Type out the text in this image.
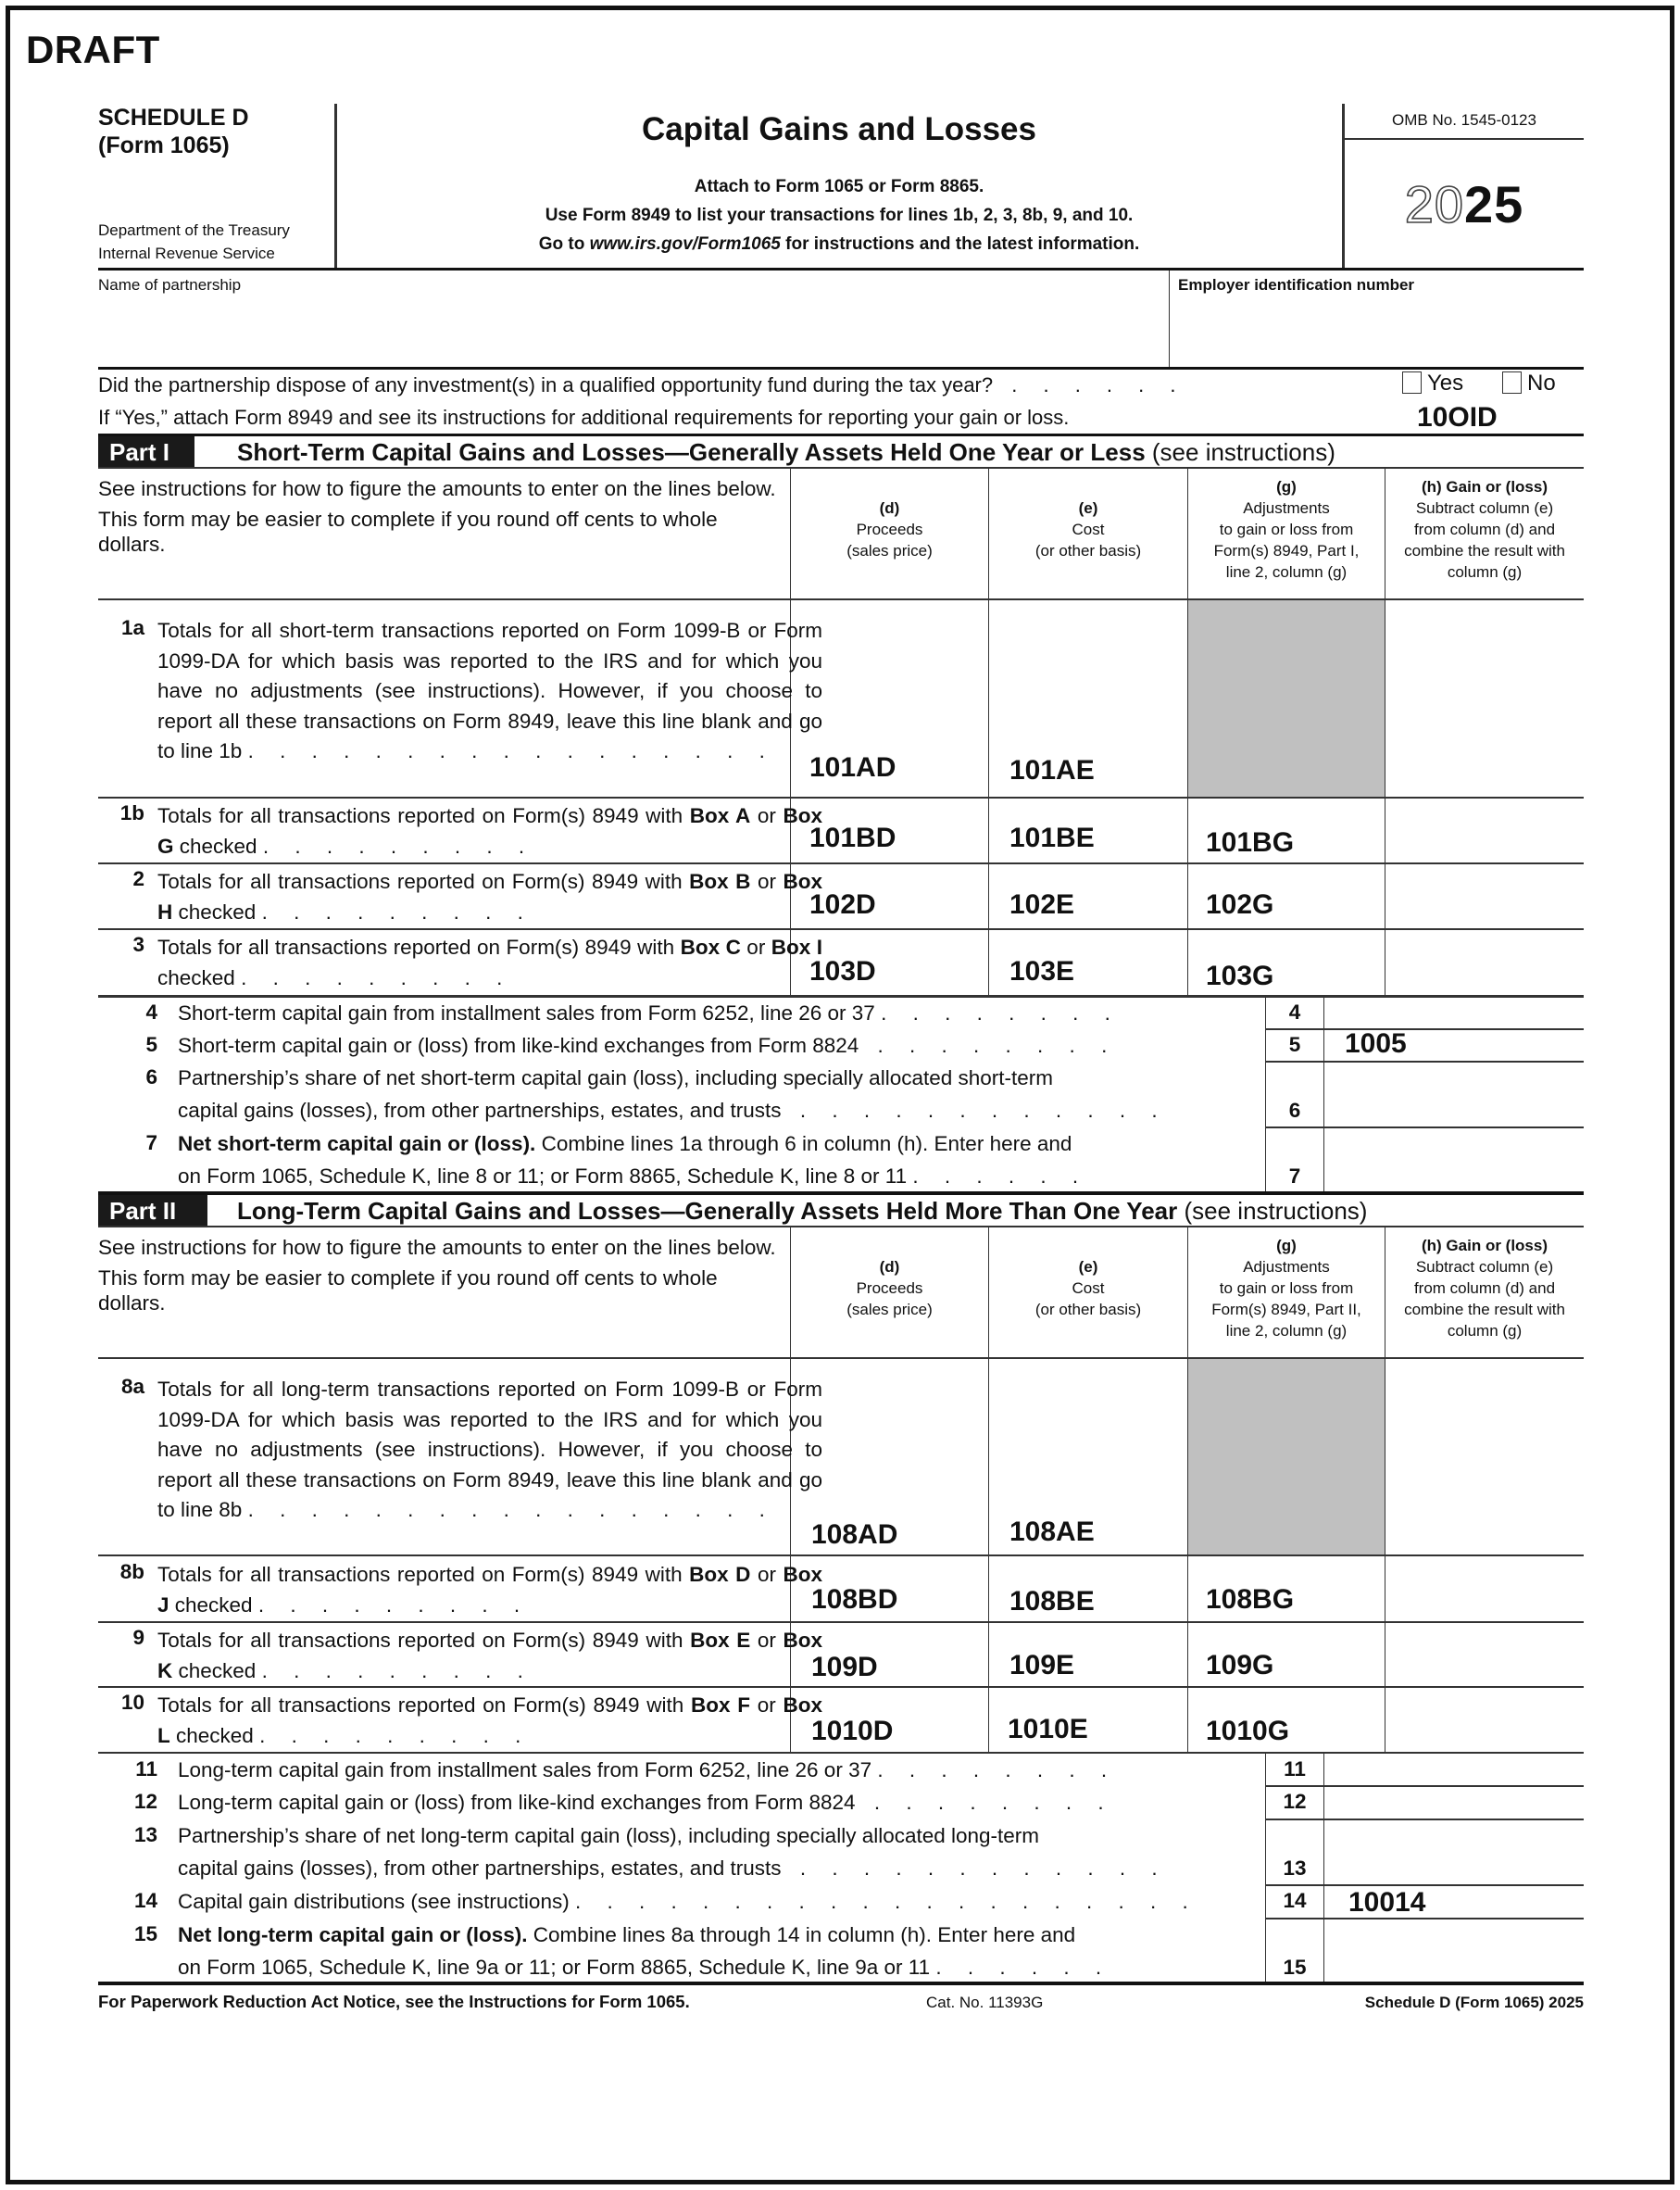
DRAFT
SCHEDULE D
(Form 1065)
Department of the Treasury
Internal Revenue Service
Capital Gains and Losses
Attach to Form 1065 or Form 8865.
Use Form 8949 to list your transactions for lines 1b, 2, 3, 8b, 9, and 10.
Go to www.irs.gov/Form1065 for instructions and the latest information.
OMB No. 1545-0123
2025
Name of partnership	Employer identification number
Did the partnership dispose of any investment(s) in a qualified opportunity fund during the tax year? . . . . . .	Yes	No
If “Yes,” attach Form 8949 and see its instructions for additional requirements for reporting your gain or loss.	10OID
Part I	Short-Term Capital Gains and Losses—Generally Assets Held One Year or Less (see instructions)
See instructions for how to figure the amounts to enter on the lines below.
This form may be easier to complete if you round off cents to whole dollars.
(d)
Proceeds
(sales price)
(e)
Cost
(or other basis)
(g)
Adjustments
to gain or loss from
Form(s) 8949, Part I,
line 2, column (g)
(h) Gain or (loss)
Subtract column (e)
from column (d) and
combine the result with
column (g)
1a Totals for all short-term transactions reported on Form 1099-B or Form 1099-DA for which basis was reported to the IRS and for which you have no adjustments (see instructions). However, if you choose to report all these transactions on Form 8949, leave this line blank and go to line 1b . . . . . . . . . . . . . . . . .
101AD	101AE
1b Totals for all transactions reported on Form(s) 8949 with Box A or Box G checked . . . . . . . . .	101BD	101BE	101BG
2 Totals for all transactions reported on Form(s) 8949 with Box B or Box H checked . . . . . . . . .	102D	102E	102G
3 Totals for all transactions reported on Form(s) 8949 with Box C or Box I checked . . . . . . . . .	103D	103E	103G
4 Short-term capital gain from installment sales from Form 6252, line 26 or 37 . . . . . . . .	4
5 Short-term capital gain or (loss) from like-kind exchanges from Form 8824 . . . . . . . .	5	1005
6 Partnership’s share of net short-term capital gain (loss), including specially allocated short-term
capital gains (losses), from other partnerships, estates, and trusts . . . . . . . . . . . .	6
7 Net short-term capital gain or (loss). Combine lines 1a through 6 in column (h). Enter here and
on Form 1065, Schedule K, line 8 or 11; or Form 8865, Schedule K, line 8 or 11 . . . . . .	7
Part II	Long-Term Capital Gains and Losses—Generally Assets Held More Than One Year (see instructions)
See instructions for how to figure the amounts to enter on the lines below.
This form may be easier to complete if you round off cents to whole dollars.
(d)
Proceeds
(sales price)
(e)
Cost
(or other basis)
(g)
Adjustments
to gain or loss from
Form(s) 8949, Part II,
line 2, column (g)
(h) Gain or (loss)
Subtract column (e)
from column (d) and
combine the result with
column (g)
8a Totals for all long-term transactions reported on Form 1099-B or Form 1099-DA for which basis was reported to the IRS and for which you have no adjustments (see instructions). However, if you choose to report all these transactions on Form 8949, leave this line blank and go to line 8b . . . . . . . . . . . . . . . . .
108AD	108AE
8b Totals for all transactions reported on Form(s) 8949 with Box D or Box J checked . . . . . . . . .	108BD	108BE	108BG
9 Totals for all transactions reported on Form(s) 8949 with Box E or Box K checked . . . . . . . . .	109D	109E	109G
10 Totals for all transactions reported on Form(s) 8949 with Box F or Box L checked . . . . . . . . .	1010D	1010E	1010G
11 Long-term capital gain from installment sales from Form 6252, line 26 or 37 . . . . . . . .	11
12 Long-term capital gain or (loss) from like-kind exchanges from Form 8824 . . . . . . . .	12
13 Partnership’s share of net long-term capital gain (loss), including specially allocated long-term
capital gains (losses), from other partnerships, estates, and trusts . . . . . . . . . . . .	13
14 Capital gain distributions (see instructions) . . . . . . . . . . . . . . . . . . . .	14	10014
15 Net long-term capital gain or (loss). Combine lines 8a through 14 in column (h). Enter here and
on Form 1065, Schedule K, line 9a or 11; or Form 8865, Schedule K, line 9a or 11 . . . . . .	15
For Paperwork Reduction Act Notice, see the Instructions for Form 1065.	Cat. No. 11393G	Schedule D (Form 1065) 2025
